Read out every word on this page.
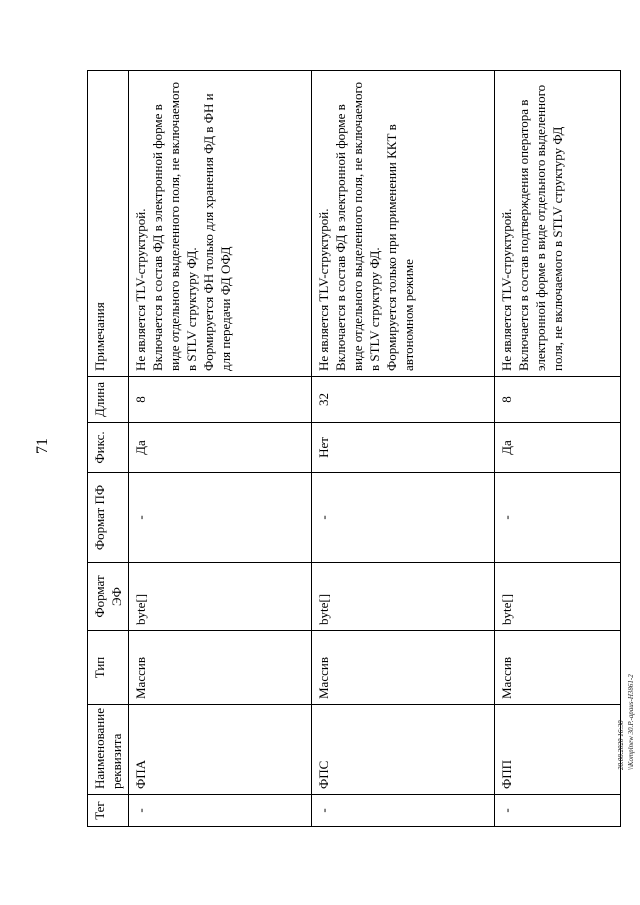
71
Тег	Наименование реквизита	Тип	Формат ЭФ	Формат ПФ	Фикс.	Длина	Примечания
-	ФПА	Массив	byte[]	-	Да	8	Не является TLV-структурой. Включается в состав ФД в электронной форме в виде отдельного выделенного поля, не включаемого в STLV структуру ФД. Формируется ФН только для хранения ФД в ФН и для передачи ФД ОФД

-	ФПС	Массив	byte[]	-	Нет	32	Не является TLV-структурой. Включается в состав ФД в электронной форме в виде отдельного выделенного поля, не включаемого в STLV структуру ФД. Формируется только при применении ККТ в автономном режиме

-	ФПП	Массив	byte[]	-	Да	8	Не является TLV-структурой. Включается в состав подтверждения оператора в электронной форме в виде отдельного выделенного поля, не включаемого в STLV структуру ФД
28.08.2020 16:30 \\Komplnew 30.P.-apaus-H3861-2
